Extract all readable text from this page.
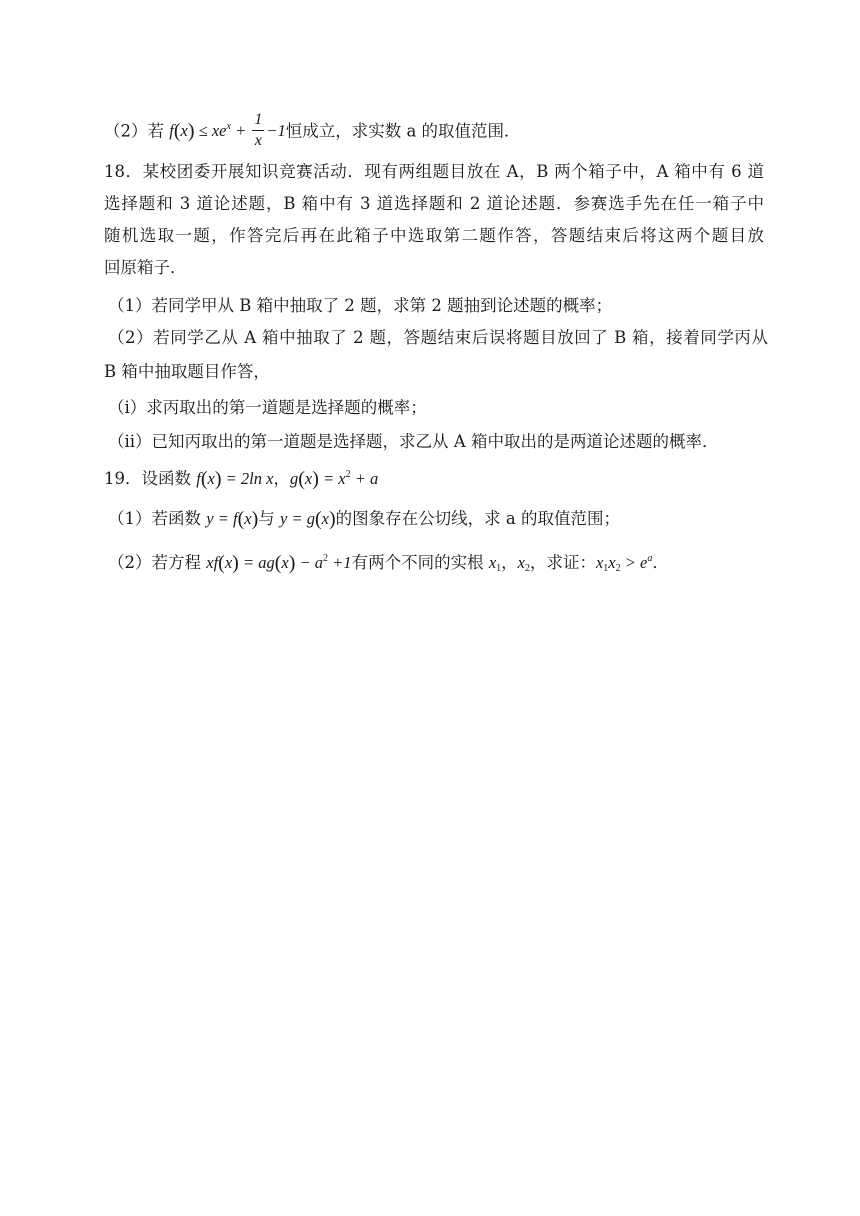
（2）若 $f(x) \le xe^x + \frac{1}{x} -1$恒成立，求实数 a 的取值范围．
18．某校团委开展知识竞赛活动．现有两组题目放在 A，B 两个箱子中，A 箱中有 6 道
选择题和 3 道论述题，B 箱中有 3 道选择题和 2 道论述题．参赛选手先在任一箱子中
随机选取一题，作答完后再在此箱子中选取第二题作答，答题结束后将这两个题目放
回原箱子．
（1）若同学甲从 B 箱中抽取了 2 题，求第 2 题抽到论述题的概率；
（2）若同学乙从 A 箱中抽取了 2 题，答题结束后误将题目放回了 B 箱，接着同学丙从
B 箱中抽取题目作答，
（i）求丙取出的第一道题是选择题的概率；
（ii）已知丙取出的第一道题是选择题，求乙从 A 箱中取出的是两道论述题的概率．
19．设函数 f(x) = 2ln x，$g(x) = x^2 + a$
（1）若函数 y = f(x)与 y = g(x)的图象存在公切线，求 a 的取值范围；
（2）若方程 $xf(x) = ag(x) - a^2 +1$有两个不同的实根 $x_1$，$x_2$，求证：$x_1x_2 > e^a$．
